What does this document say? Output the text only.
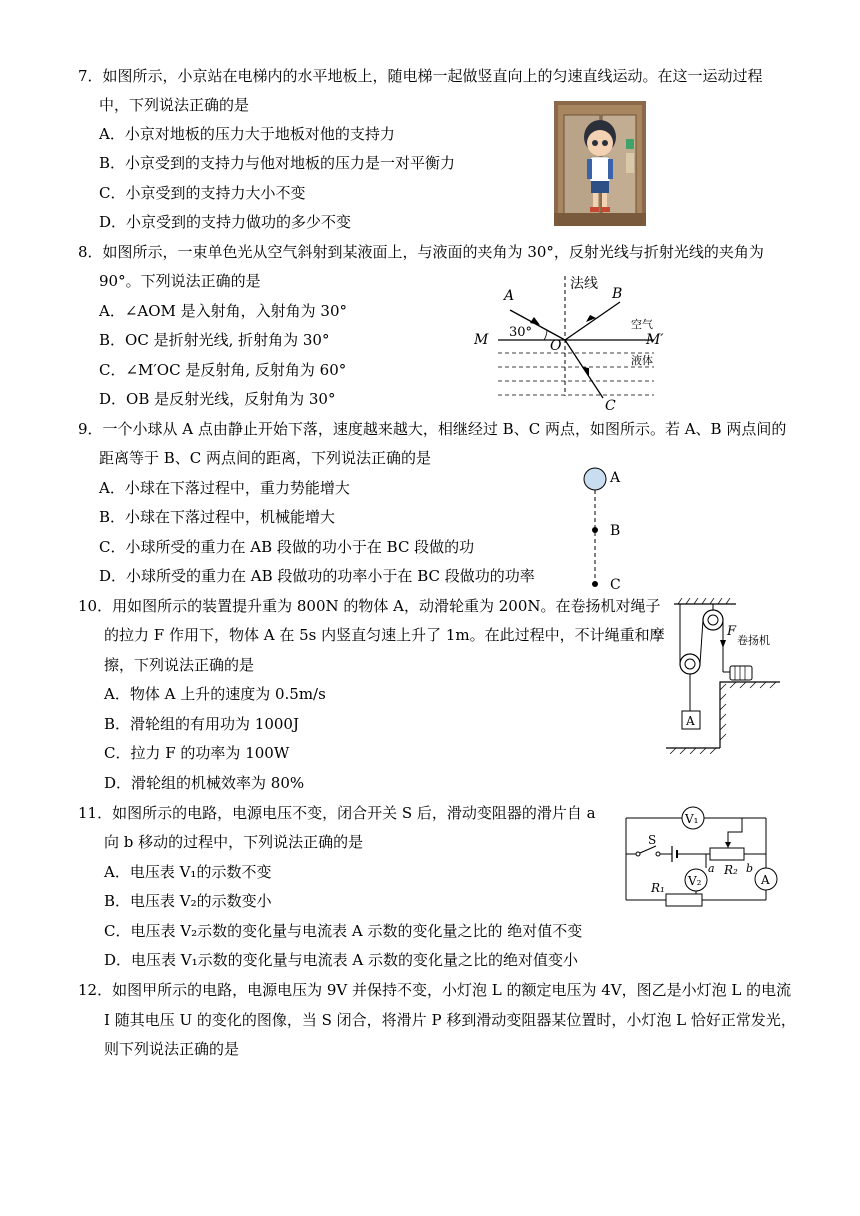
7．如图所示，小京站在电梯内的水平地板上，随电梯一起做竖直向上的匀速直线运动。在这一运动过程
中，下列说法正确的是
A．小京对地板的压力大于地板对他的支持力
B．小京受到的支持力与他对地板的压力是一对平衡力
C．小京受到的支持力大小不变
D．小京受到的支持力做功的多少不变
8．如图所示，一束单色光从空气斜射到某液面上，与液面的夹角为 30°，反射光线与折射光线的夹角为
90°。下列说法正确的是
A．∠AOM 是入射角，入射角为 30°
B．OC 是折射光线, 折射角为 30°
C．∠M′OC 是反射角, 反射角为 60°
D．OB 是反射光线，反射角为 30°
法线
A	B
M	M′
O
C
30°
空气
液体
9．一个小球从 A 点由静止开始下落，速度越来越大，相继经过 B、C 两点，如图所示。若 A、B 两点间的
距离等于 B、C 两点间的距离，下列说法正确的是
A．小球在下落过程中，重力势能增大
B．小球在下落过程中，机械能增大
C．小球所受的重力在 AB 段做的功小于在 BC 段做的功
D．小球所受的重力在 AB 段做功的功率小于在 BC 段做功的功率
A
B
C
10．用如图所示的装置提升重为 800N 的物体 A，动滑轮重为 200N。在卷扬机对绳子
的拉力 F 作用下，物体 A 在 5s 内竖直匀速上升了 1m。在此过程中，不计绳重和摩
擦，下列说法正确的是
A．物体 A 上升的速度为 0.5m/s
B．滑轮组的有用功为 1000J
C．拉力 F 的功率为 100W
D．滑轮组的机械效率为 80%
A
F
卷扬机
11．如图所示的电路，电源电压不变，闭合开关 S 后，滑动变阻器的滑片自 a
向 b 移动的过程中，下列说法正确的是
A．电压表 V₁的示数不变
B．电压表 V₂的示数变小
C．电压表 V₂示数的变化量与电流表 A 示数的变化量之比的 绝对值不变
D．电压表 V₁示数的变化量与电流表 A 示数的变化量之比的绝对值变小
V₁
A
S
R₂
a	b
V₂
R₁
12．如图甲所示的电路，电源电压为 9V 并保持不变，小灯泡 L 的额定电压为 4V，图乙是小灯泡 L 的电流
I 随其电压 U 的变化的图像，当 S 闭合，将滑片 P 移到滑动变阻器某位置时，小灯泡 L 恰好正常发光，
则下列说法正确的是
